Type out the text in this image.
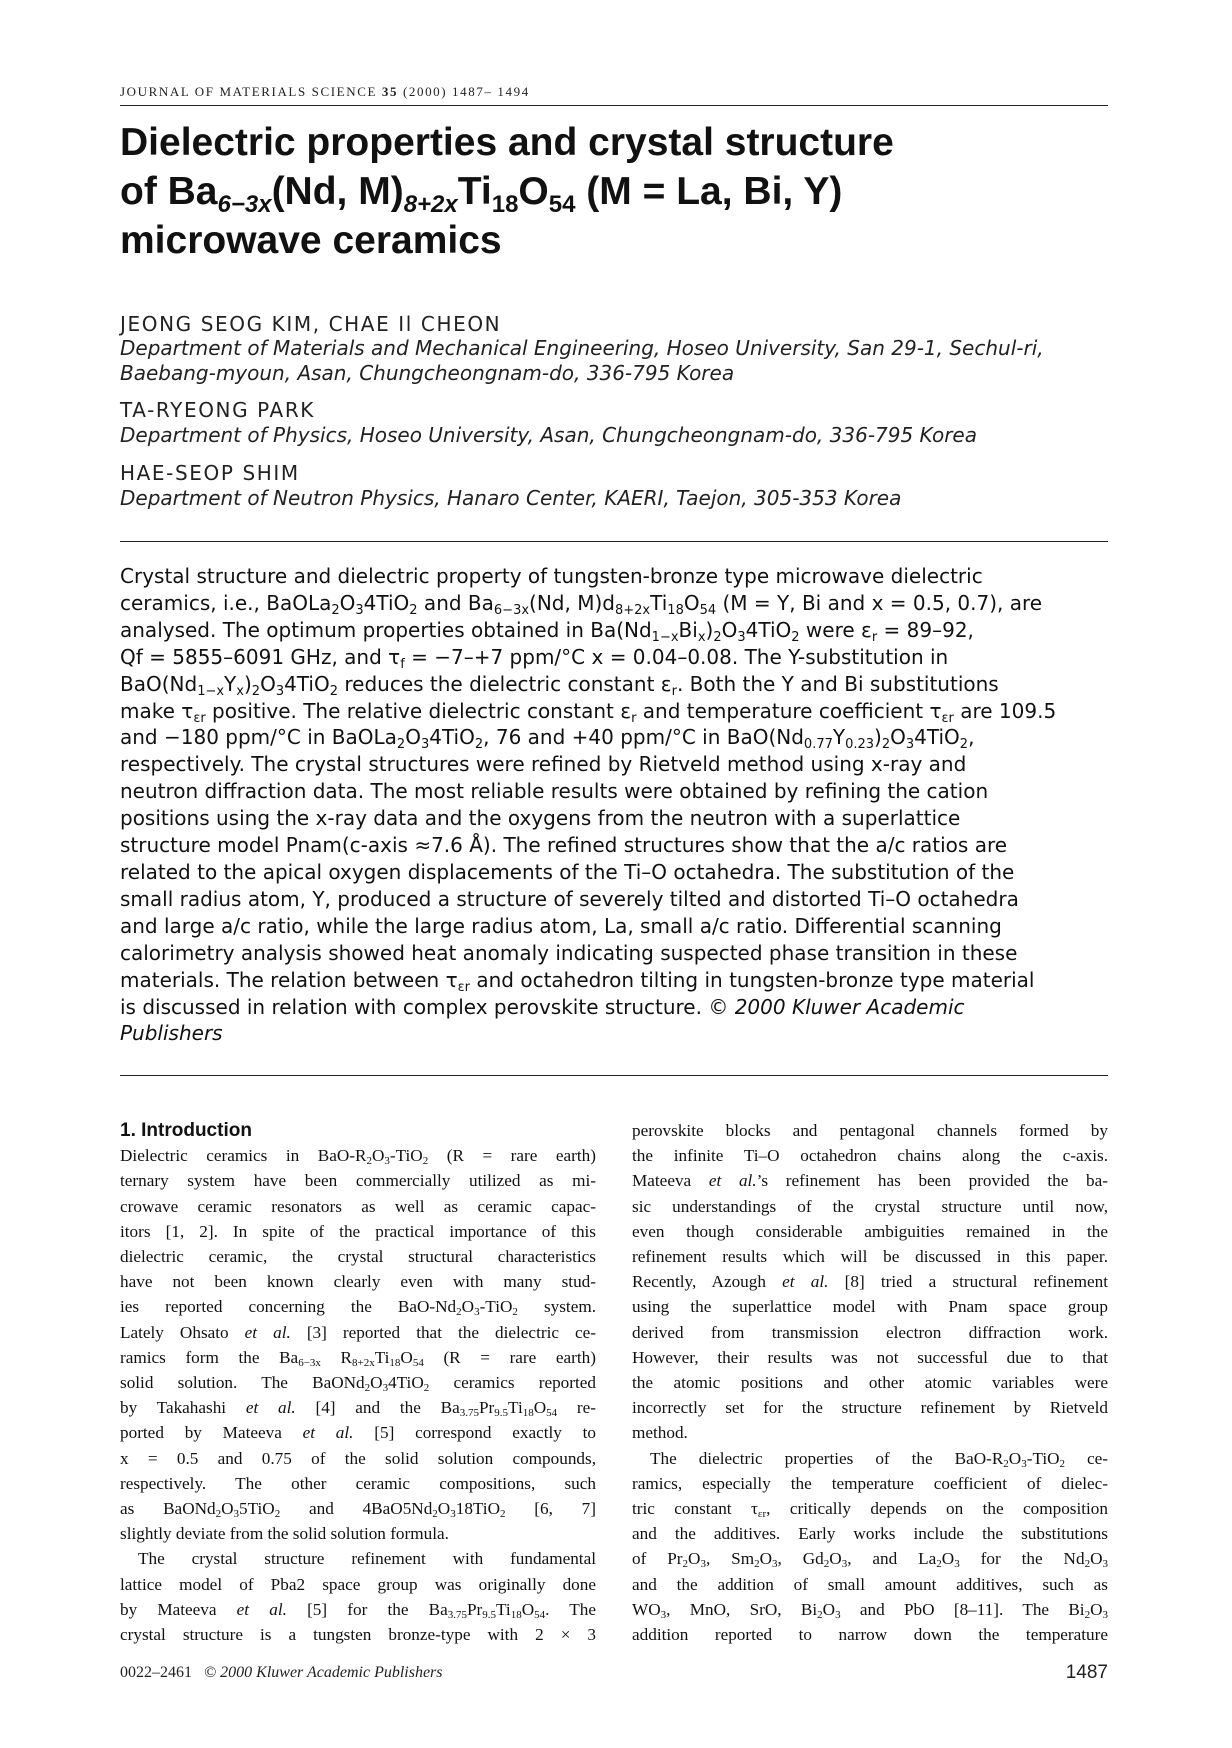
JOURNAL OF MATERIALS SCIENCE 35 (2000) 1487– 1494
Dielectric properties and crystal structure
of $Ba_{6-3x}(Nd$, $M)_{8+2x}Ti_{18}O_{54}$ (M = La, Bi, Y)
microwave ceramics
JEONG SEOG KIM, CHAE Il CHEON
Department of Materials and Mechanical Engineering, Hoseo University, San 29-1, Sechul-ri,
Baebang-myoun, Asan, Chungcheongnam-do, 336-795 Korea
TA-RYEONG PARK
Department of Physics, Hoseo University, Asan, Chungcheongnam-do, 336-795 Korea
HAE-SEOP SHIM
Department of Neutron Physics, Hanaro Center, KAERI, Taejon, 305-353 Korea
Crystal structure and dielectric property of tungsten-bronze type microwave dielectric
ceramics, i.e., $BaOLa_2O_34TiO_2$ and $Ba_{6-3x}(Nd$, $M)d_{8+2x}Ti_{18}O_{54}$ (M = Y, Bi and x = 0.5, 0.7), are
analysed. The optimum properties obtained in $Ba(Nd_{1-x}Bi_x)_2O_34TiO_2$ were $\varepsilon_r = 89-92$,
Qf = 5855–6091 GHz, and $\tau_f = -7-+7$ ppm/°C x = 0.04–0.08. The Y-substitution in
$BaO(Nd_{1-x}Y_x)_2O_34TiO_2$ reduces the dielectric constant $\varepsilon_r$. Both the Y and Bi substitutions
make $\tau_{\varepsilon r}$ positive. The relative dielectric constant $\varepsilon_r$ and temperature coefficient $\tau_{\varepsilon r}$ are 109.5
and −180 ppm/°C in $BaOLa_2O_34TiO_2$, 76 and +40 ppm/°C in $BaO(Nd_{0.77}Y_{0.23})_2O_34TiO_2$,
respectively. The crystal structures were refined by Rietveld method using x-ray and
neutron diffraction data. The most reliable results were obtained by refining the cation
positions using the x-ray data and the oxygens from the neutron with a superlattice
structure model Pnam(c-axis ≈7.6 Å). The refined structures show that the a/c ratios are
related to the apical oxygen displacements of the Ti–O octahedra. The substitution of the
small radius atom, Y, produced a structure of severely tilted and distorted Ti–O octahedra
and large a/c ratio, while the large radius atom, La, small a/c ratio. Differential scanning
calorimetry analysis showed heat anomaly indicating suspected phase transition in these
materials. The relation between $\tau_{\varepsilon r}$ and octahedron tilting in tungsten-bronze type material
is discussed in relation with complex perovskite structure. © 2000 Kluwer Academic
Publishers
1. Introduction
Dielectric ceramics in BaO-$R_2O_3-TiO_2$ (R = rare earth)
ternary system have been commercially utilized as mi-
crowave ceramic resonators as well as ceramic capac-
itors [1, 2]. In spite of the practical importance of this
dielectric ceramic, the crystal structural characteristics
have not been known clearly even with many stud-
ies reported concerning the BaO-$Nd_2O_3-TiO_2$ system.
Lately Ohsato et al. [3] reported that the dielectric ce-
ramics form the $Ba_{6-3x}$ $R_{8+2x}Ti_{18}O_{54}$ (R = rare earth)
solid solution. The $BaONd_2O_34TiO_2$ ceramics reported
by Takahashi et al. [4] and the $Ba_{3.75}Pr_{9.5}Ti_{18}O_{54}$ re-
ported by Mateeva et al. [5] correspond exactly to
x = 0.5 and 0.75 of the solid solution compounds,
respectively. The other ceramic compositions, such
as $BaONd_2O_35TiO_2$ and $4BaO5Nd_2O_318TiO_2$ [6, 7]
slightly deviate from the solid solution formula.
The crystal structure refinement with fundamental
lattice model of Pba2 space group was originally done
by Mateeva et al. [5] for the $Ba_{3.75}Pr_{9.5}Ti_{18}O_{54}$. The
crystal structure is a tungsten bronze-type with 2 × 3
perovskite blocks and pentagonal channels formed by
the infinite Ti–O octahedron chains along the c-axis.
Mateeva et al.’s refinement has been provided the ba-
sic understandings of the crystal structure until now,
even though considerable ambiguities remained in the
refinement results which will be discussed in this paper.
Recently, Azough et al. [8] tried a structural refinement
using the superlattice model with Pnam space group
derived from transmission electron diffraction work.
However, their results was not successful due to that
the atomic positions and other atomic variables were
incorrectly set for the structure refinement by Rietveld
method.
The dielectric properties of the BaO-$R_2O_3-TiO_2$ ce-
ramics, especially the temperature coefficient of dielec-
tric constant $\tau_{\varepsilon r}$, critically depends on the composition
and the additives. Early works include the substitutions
of $Pr_2O_3$, $Sm_2O_3$, $Gd_2O_3$, and $La_2O_3$ for the $Nd_2O_3$
and the addition of small amount additives, such as
$WO_3$, MnO, SrO, $Bi_2O_3$ and PbO [8–11]. The $Bi_2O_3$
addition reported to narrow down the temperature
0022–2461 © 2000 Kluwer Academic Publishers	1487
